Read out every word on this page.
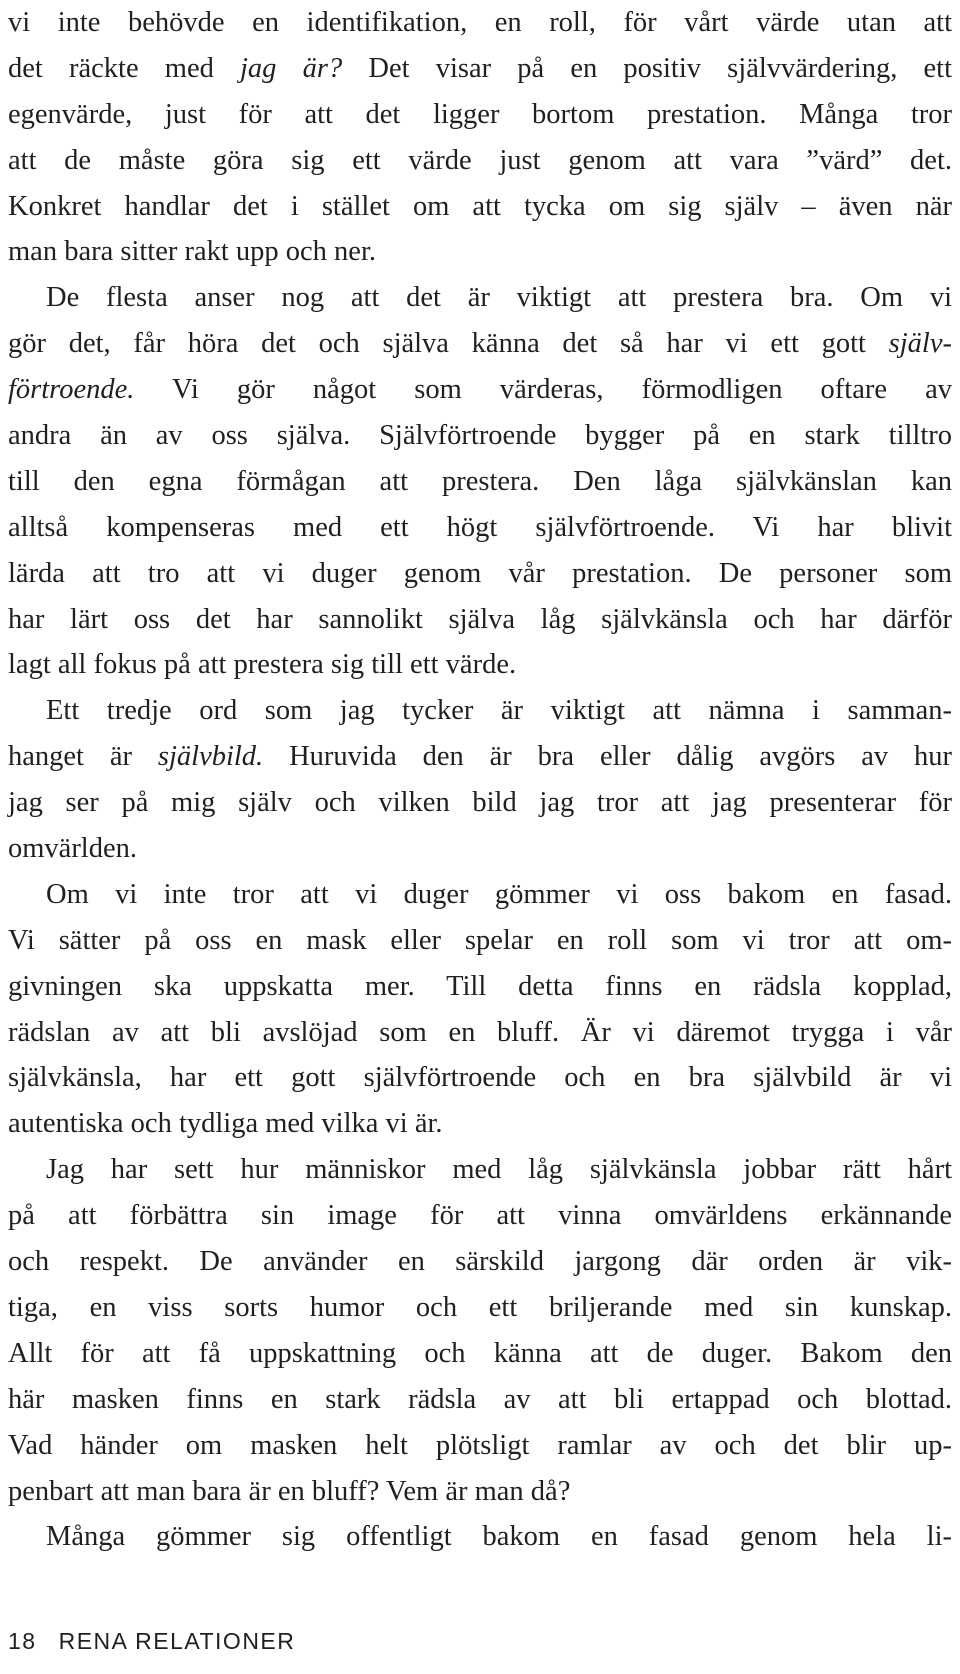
vi inte behövde en identifikation, en roll, för vårt värde utan att
det räckte med jag är? Det visar på en positiv självvärdering, ett
egenvärde, just för att det ligger bortom prestation. Många tror
att de måste göra sig ett värde just genom att vara ”värd” det.
Konkret handlar det i stället om att tycka om sig själv – även när
man bara sitter rakt upp och ner.
De flesta anser nog att det är viktigt att prestera bra. Om vi
gör det, får höra det och själva känna det så har vi ett gott själv-
förtroende. Vi gör något som värderas, förmodligen oftare av
andra än av oss själva. Självförtroende bygger på en stark tilltro
till den egna förmågan att prestera. Den låga självkänslan kan
alltså kompenseras med ett högt självförtroende. Vi har blivit
lärda att tro att vi duger genom vår prestation. De personer som
har lärt oss det har sannolikt själva låg självkänsla och har därför
lagt all fokus på att prestera sig till ett värde.
Ett tredje ord som jag tycker är viktigt att nämna i samman-
hanget är självbild. Huruvida den är bra eller dålig avgörs av hur
jag ser på mig själv och vilken bild jag tror att jag presenterar för
omvärlden.
Om vi inte tror att vi duger gömmer vi oss bakom en fasad.
Vi sätter på oss en mask eller spelar en roll som vi tror att om-
givningen ska uppskatta mer. Till detta finns en rädsla kopplad,
rädslan av att bli avslöjad som en bluff. Är vi däremot trygga i vår
självkänsla, har ett gott självförtroende och en bra självbild är vi
autentiska och tydliga med vilka vi är.
Jag har sett hur människor med låg självkänsla jobbar rätt hårt
på att förbättra sin image för att vinna omvärldens erkännande
och respekt. De använder en särskild jargong där orden är vik-
tiga, en viss sorts humor och ett briljerande med sin kunskap.
Allt för att få uppskattning och känna att de duger. Bakom den
här masken finns en stark rädsla av att bli ertappad och blottad.
Vad händer om masken helt plötsligt ramlar av och det blir up-
penbart att man bara är en bluff? Vem är man då?
Många gömmer sig offentligt bakom en fasad genom hela li-
18 RENA RELATIONER
